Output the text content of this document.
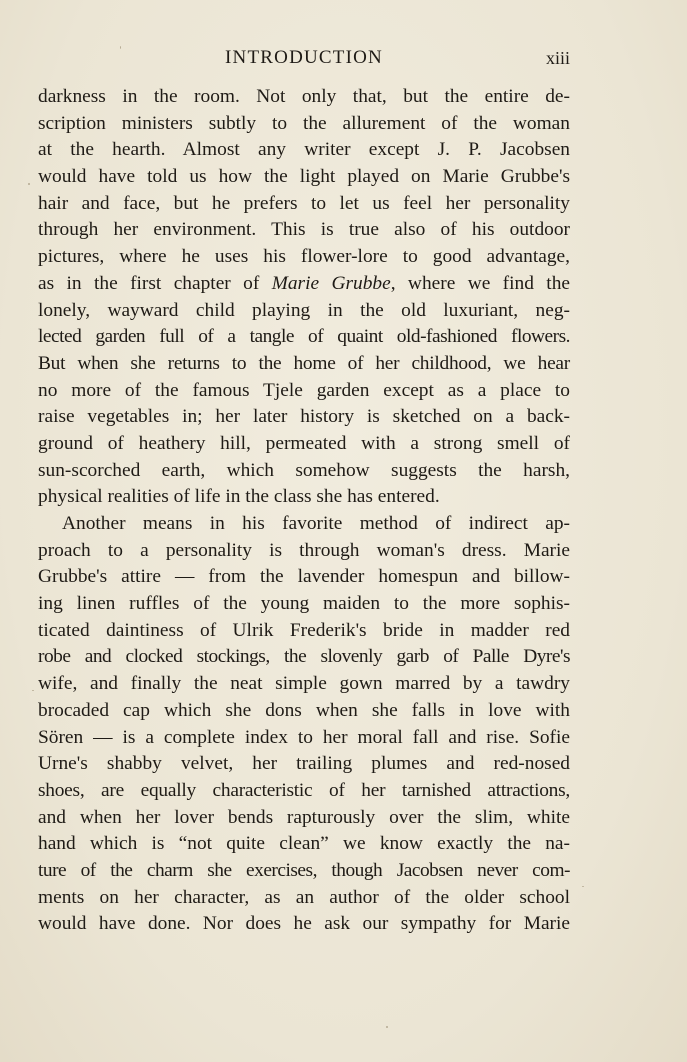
INTRODUCTION	xiii
darkness in the room. Not only that, but the entire de-
scription ministers subtly to the allurement of the woman
at the hearth. Almost any writer except J. P. Jacobsen
would have told us how the light played on Marie Grubbe's
hair and face, but he prefers to let us feel her personality
through her environment. This is true also of his outdoor
pictures, where he uses his flower-lore to good advantage,
as in the first chapter of Marie Grubbe, where we find the
lonely, wayward child playing in the old luxuriant, neg-
lected garden full of a tangle of quaint old-fashioned flowers.
But when she returns to the home of her childhood, we hear
no more of the famous Tjele garden except as a place to
raise vegetables in; her later history is sketched on a back-
ground of heathery hill, permeated with a strong smell of
sun-scorched earth, which somehow suggests the harsh,
physical realities of life in the class she has entered.
Another means in his favorite method of indirect ap-
proach to a personality is through woman's dress. Marie
Grubbe's attire — from the lavender homespun and billow-
ing linen ruffles of the young maiden to the more sophis-
ticated daintiness of Ulrik Frederik's bride in madder red
robe and clocked stockings, the slovenly garb of Palle Dyre's
wife, and finally the neat simple gown marred by a tawdry
brocaded cap which she dons when she falls in love with
Sören — is a complete index to her moral fall and rise. Sofie
Urne's shabby velvet, her trailing plumes and red-nosed
shoes, are equally characteristic of her tarnished attractions,
and when her lover bends rapturously over the slim, white
hand which is “not quite clean” we know exactly the na-
ture of the charm she exercises, though Jacobsen never com-
ments on her character, as an author of the older school
would have done. Nor does he ask our sympathy for Marie
